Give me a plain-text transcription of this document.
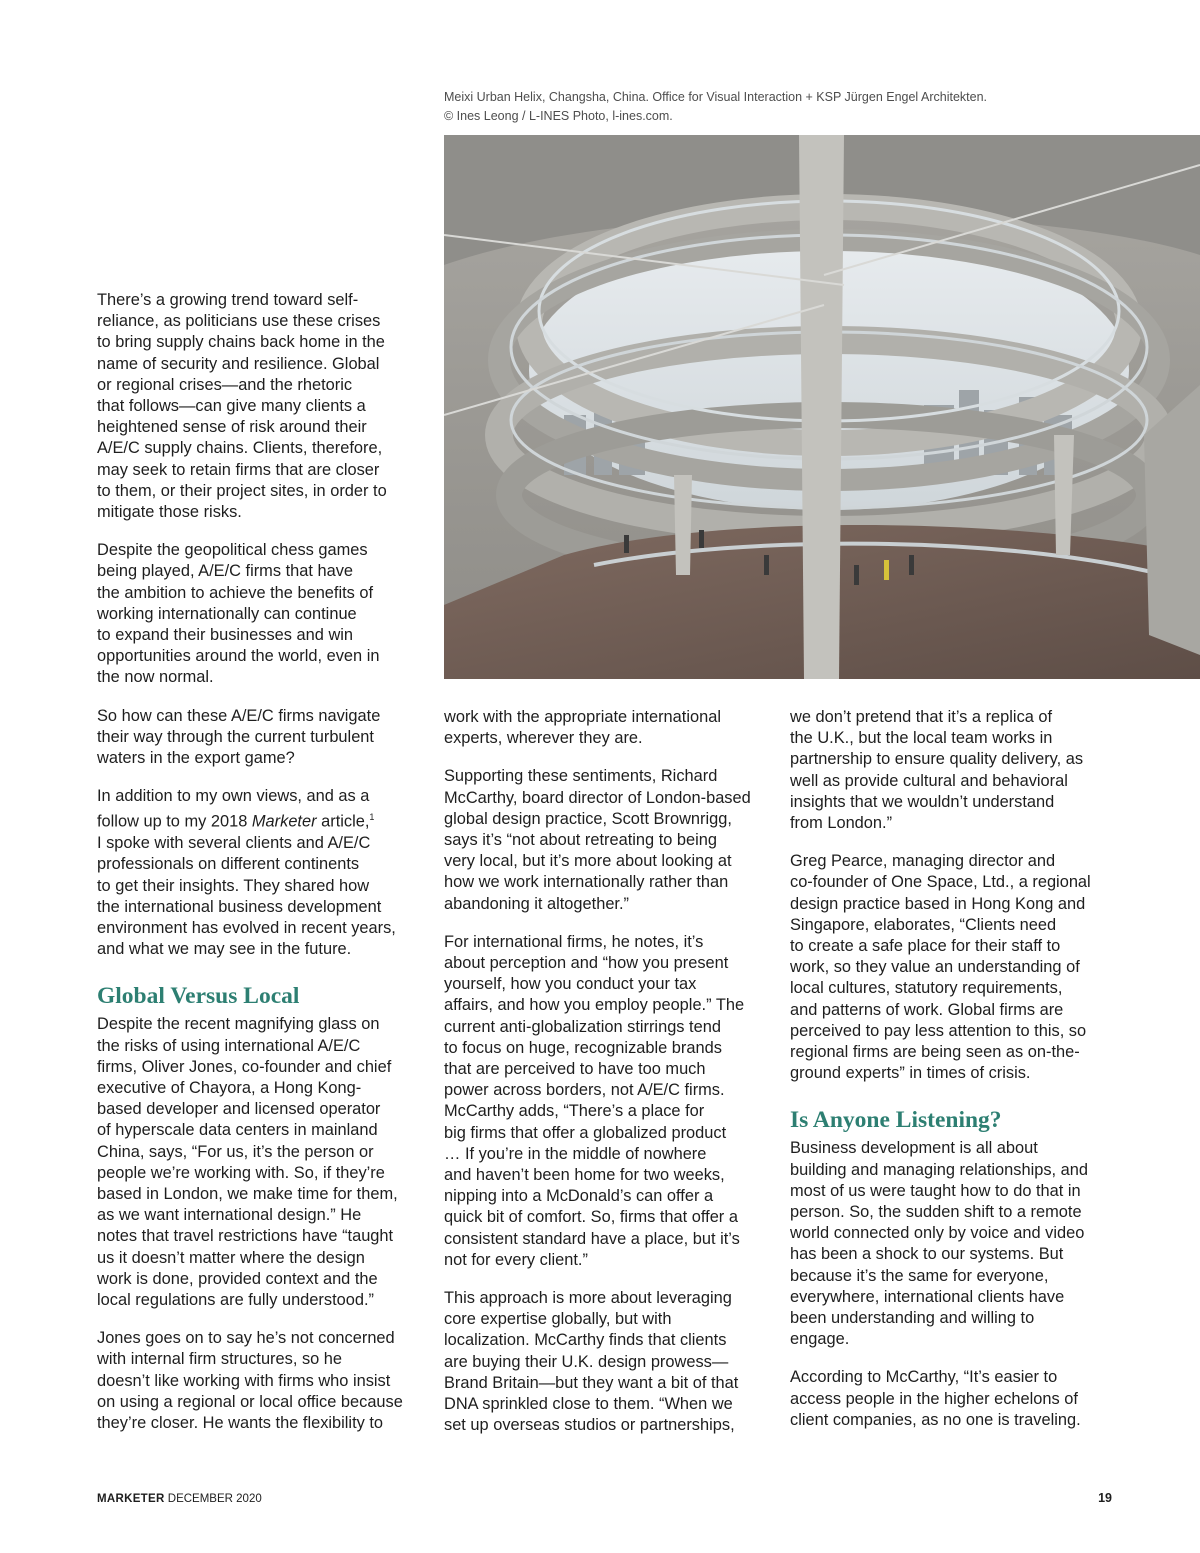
Meixi Urban Helix, Changsha, China. Office for Visual Interaction + KSP Jürgen Engel Architekten.
© Ines Leong / L-INES Photo, l-ines.com.

There’s a growing trend toward self-
reliance, as politicians use these crises
to bring supply chains back home in the
name of security and resilience. Global
or regional crises—and the rhetoric
that follows—can give many clients a
heightened sense of risk around their
A/E/C supply chains. Clients, therefore,
may seek to retain firms that are closer
to them, or their project sites, in order to
mitigate those risks.

Despite the geopolitical chess games
being played, A/E/C firms that have
the ambition to achieve the benefits of
working internationally can continue
to expand their businesses and win
opportunities around the world, even in
the now normal.

So how can these A/E/C firms navigate
their way through the current turbulent
waters in the export game?

In addition to my own views, and as a
follow up to my 2018 Marketer article,$^1$
I spoke with several clients and A/E/C
professionals on different continents
to get their insights. They shared how
the international business development
environment has evolved in recent years,
and what we may see in the future.

Global Versus Local

Despite the recent magnifying glass on
the risks of using international A/E/C
firms, Oliver Jones, co-founder and chief
executive of Chayora, a Hong Kong-
based developer and licensed operator
of hyperscale data centers in mainland
China, says, “For us, it’s the person or
people we’re working with. So, if they’re
based in London, we make time for them,
as we want international design.” He
notes that travel restrictions have “taught
us it doesn’t matter where the design
work is done, provided context and the
local regulations are fully understood.”

Jones goes on to say he’s not concerned
with internal firm structures, so he
doesn’t like working with firms who insist
on using a regional or local office because
they’re closer. He wants the flexibility to

work with the appropriate international
experts, wherever they are.

Supporting these sentiments, Richard
McCarthy, board director of London-based
global design practice, Scott Brownrigg,
says it’s “not about retreating to being
very local, but it’s more about looking at
how we work internationally rather than
abandoning it altogether.”

For international firms, he notes, it’s
about perception and “how you present
yourself, how you conduct your tax
affairs, and how you employ people.” The
current anti-globalization stirrings tend
to focus on huge, recognizable brands
that are perceived to have too much
power across borders, not A/E/C firms.
McCarthy adds, “There’s a place for
big firms that offer a globalized product
… If you’re in the middle of nowhere
and haven’t been home for two weeks,
nipping into a McDonald’s can offer a
quick bit of comfort. So, firms that offer a
consistent standard have a place, but it’s
not for every client.”

This approach is more about leveraging
core expertise globally, but with
localization. McCarthy finds that clients
are buying their U.K. design prowess—
Brand Britain—but they want a bit of that
DNA sprinkled close to them. “When we
set up overseas studios or partnerships,

we don’t pretend that it’s a replica of
the U.K., but the local team works in
partnership to ensure quality delivery, as
well as provide cultural and behavioral
insights that we wouldn’t understand
from London.”

Greg Pearce, managing director and
co-founder of One Space, Ltd., a regional
design practice based in Hong Kong and
Singapore, elaborates, “Clients need
to create a safe place for their staff to
work, so they value an understanding of
local cultures, statutory requirements,
and patterns of work. Global firms are
perceived to pay less attention to this, so
regional firms are being seen as on-the-
ground experts” in times of crisis.

Is Anyone Listening?

Business development is all about
building and managing relationships, and
most of us were taught how to do that in
person. So, the sudden shift to a remote
world connected only by voice and video
has been a shock to our systems. But
because it’s the same for everyone,
everywhere, international clients have
been understanding and willing to
engage.

According to McCarthy, “It’s easier to
access people in the higher echelons of
client companies, as no one is traveling.

MARKETER DECEMBER 2020	19
